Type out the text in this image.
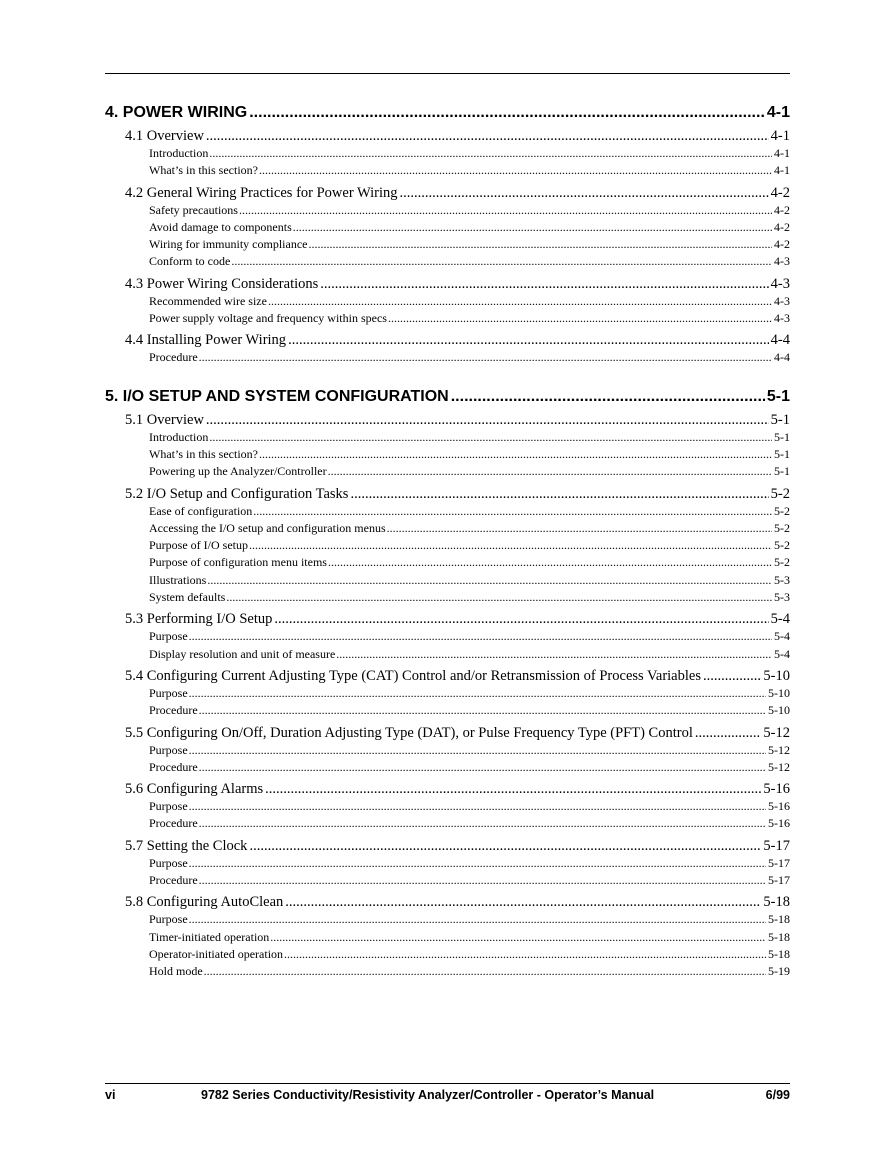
4. POWER WIRING .....	4-1
4.1 Overview .....	4-1
Introduction .....	4-1
What’s in this section? .....	4-1
4.2 General Wiring Practices for Power Wiring .....	4-2
Safety precautions .....	4-2
Avoid damage to components .....	4-2
Wiring for immunity compliance .....	4-2
Conform to code .....	4-3
4.3 Power Wiring Considerations .....	4-3
Recommended wire size .....	4-3
Power supply voltage and frequency within specs .....	4-3
4.4 Installing Power Wiring .....	4-4
Procedure .....	4-4
5. I/O SETUP AND SYSTEM CONFIGURATION .....	5-1
5.1 Overview .....	5-1
Introduction .....	5-1
What’s in this section? .....	5-1
Powering up the Analyzer/Controller .....	5-1
5.2 I/O Setup and Configuration Tasks .....	5-2
Ease of configuration .....	5-2
Accessing the I/O setup and configuration menus .....	5-2
Purpose of I/O setup .....	5-2
Purpose of configuration menu items .....	5-2
Illustrations .....	5-3
System defaults .....	5-3
5.3 Performing I/O Setup .....	5-4
Purpose .....	5-4
Display resolution and unit of measure .....	5-4
5.4 Configuring Current Adjusting Type (CAT) Control and/or Retransmission of Process Variables .....	5-10
Purpose .....	5-10
Procedure .....	5-10
5.5 Configuring On/Off, Duration Adjusting Type (DAT), or Pulse Frequency Type (PFT) Control .....	5-12
Purpose .....	5-12
Procedure .....	5-12
5.6 Configuring Alarms .....	5-16
Purpose .....	5-16
Procedure .....	5-16
5.7 Setting the Clock .....	5-17
Purpose .....	5-17
Procedure .....	5-17
5.8 Configuring AutoClean .....	5-18
Purpose .....	5-18
Timer-initiated operation .....	5-18
Operator-initiated operation .....	5-18
Hold mode .....	5-19
vi	9782 Series Conductivity/Resistivity Analyzer/Controller - Operator’s Manual	6/99
